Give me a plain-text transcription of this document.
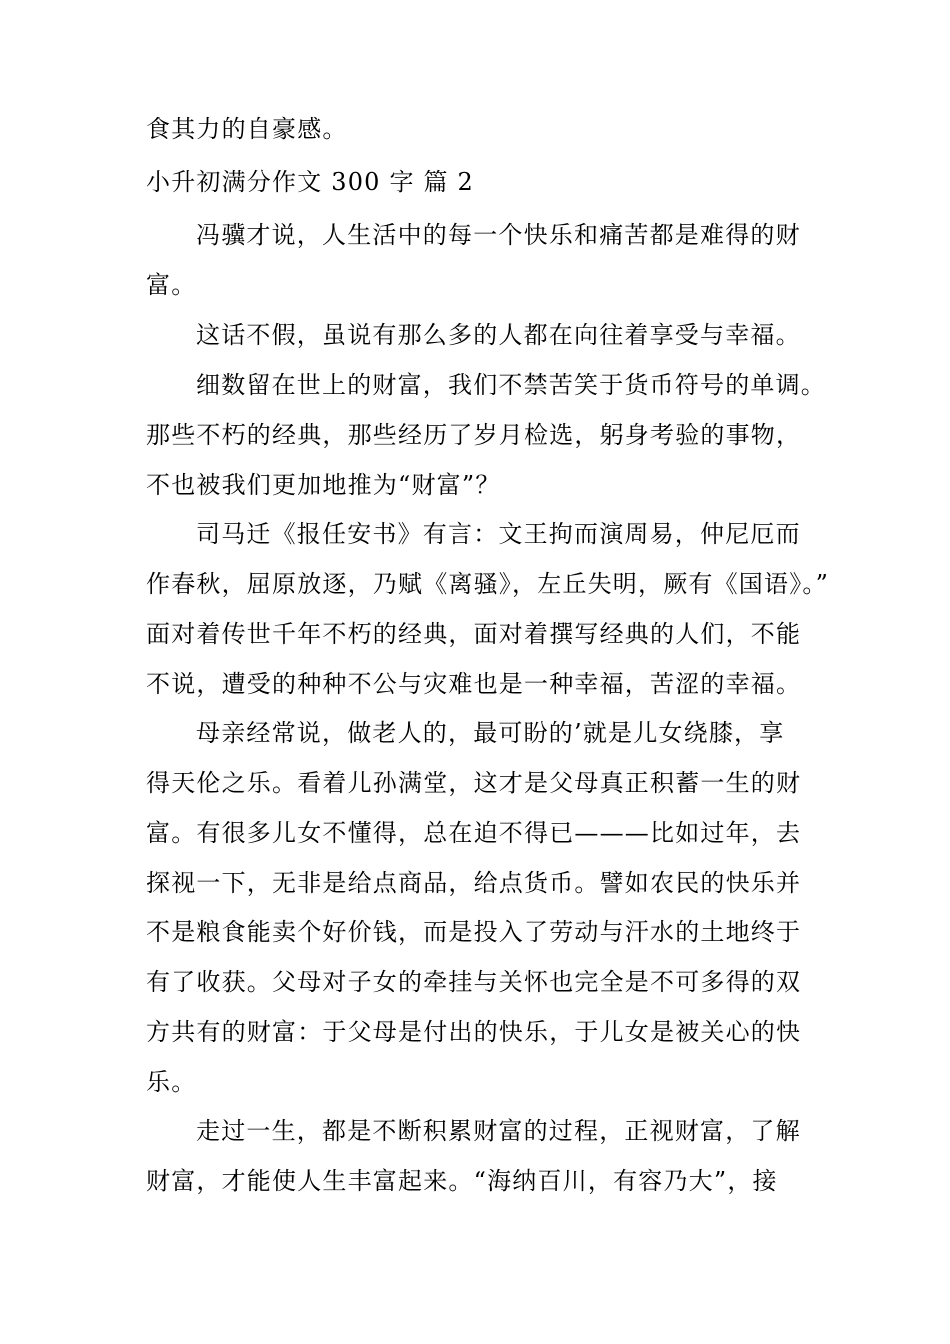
食其力的自豪感。

小升初满分作文 300 字 篇 2

冯骥才说，人生活中的每一个快乐和痛苦都是难得的财

富。

这话不假，虽说有那么多的人都在向往着享受与幸福。

细数留在世上的财富，我们不禁苦笑于货币符号的单调。

那些不朽的经典，那些经历了岁月检选，躬身考验的事物，

不也被我们更加地推为“财富”？

司马迁《报任安书》有言：文王拘而演周易，仲尼厄而

作春秋，屈原放逐，乃赋《离骚》，左丘失明，厥有《国语》。”

面对着传世千年不朽的经典，面对着撰写经典的人们，不能

不说，遭受的种种不公与灾难也是一种幸福，苦涩的幸福。

母亲经常说，做老人的，最可盼的’就是儿女绕膝，享

得天伦之乐。看着儿孙满堂，这才是父母真正积蓄一生的财

富。有很多儿女不懂得，总在迫不得已———比如过年，去

探视一下，无非是给点商品，给点货币。譬如农民的快乐并

不是粮食能卖个好价钱，而是投入了劳动与汗水的土地终于

有了收获。父母对子女的牵挂与关怀也完全是不可多得的双

方共有的财富：于父母是付出的快乐，于儿女是被关心的快

乐。

走过一生，都是不断积累财富的过程，正视财富，了解

财富，才能使人生丰富起来。“海纳百川，有容乃大”，接
